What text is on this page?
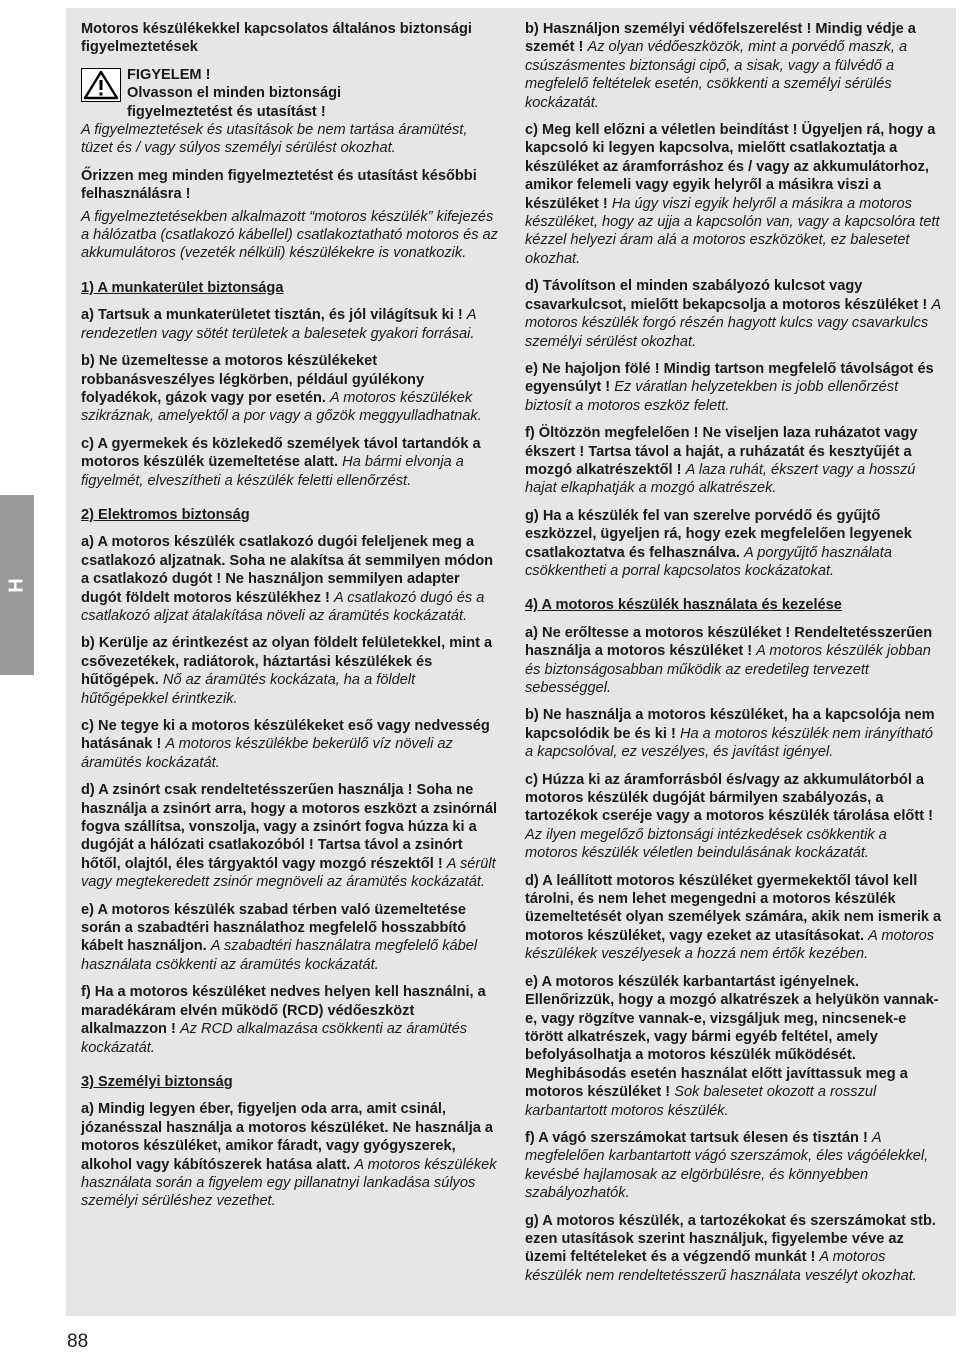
H

Motoros készülékekkel kapcsolatos általános biztonsági figyelmeztetések

FIGYELEM !
Olvasson el minden biztonsági
figyelmeztetést és utasítást !

A figyelmeztetések és utasítások be nem tartása áramütést, tüzet és / vagy súlyos személyi sérülést okozhat.

Őrizzen meg minden figyelmeztetést és utasítást későbbi felhasználásra !

A figyelmeztetésekben alkalmazott “motoros készülék” kifejezés a hálózatba (csatlakozó kábellel) csatlakoztatható motoros és az akkumulátoros (vezeték nélküli) készülékekre is vonatkozik.

1) A munkaterület biztonsága

a) Tartsuk a munkaterületet tisztán, és jól világítsuk ki ! A rendezetlen vagy sötét területek a balesetek gyakori forrásai.

b) Ne üzemeltesse a motoros készülékeket robbanásveszélyes légkörben, például gyúlékony folyadékok, gázok vagy por esetén. A motoros készülékek szikráznak, amelyektől a por vagy a gőzök meggyulladhatnak.

c) A gyermekek és közlekedő személyek távol tartandók a motoros készülék üzemeltetése alatt. Ha bármi elvonja a figyelmét, elveszítheti a készülék feletti ellenőrzést.

2) Elektromos biztonság

a) A motoros készülék csatlakozó dugói feleljenek meg a csatlakozó aljzatnak. Soha ne alakítsa át semmilyen módon a csatlakozó dugót ! Ne használjon semmilyen adapter dugót földelt motoros készülékhez ! A csatlakozó dugó és a csatlakozó aljzat átalakítása növeli az áramütés kockázatát.

b) Kerülje az érintkezést az olyan földelt felületekkel, mint a csővezetékek, radiátorok, háztartási készülékek és hűtőgépek. Nő az áramütés kockázata, ha a földelt hűtőgépekkel érintkezik.

c) Ne tegye ki a motoros készülékeket eső vagy nedvesség hatásának ! A motoros készülékbe bekerülő víz növeli az áramütés kockázatát.

d) A zsinórt csak rendeltetésszerűen használja ! Soha ne használja a zsinórt arra, hogy a motoros eszközt a zsinórnál fogva szállítsa, vonszolja, vagy a zsinórt fogva húzza ki a dugóját a hálózati csatlakozóból ! Tartsa távol a zsinórt hőtől, olajtól, éles tárgyaktól vagy mozgó részektől ! A sérült vagy megtekeredett zsinór megnöveli az áramütés kockázatát.

e) A motoros készülék szabad térben való üzemeltetése során a szabadtéri használathoz megfelelő hosszabbító kábelt használjon. A szabadtéri használatra megfelelő kábel használata csökkenti az áramütés kockázatát.

f) Ha a motoros készüléket nedves helyen kell használni, a maradékáram elvén működő (RCD) védőeszközt alkalmazzon ! Az RCD alkalmazása csökkenti az áramütés kockázatát.

3) Személyi biztonság

a) Mindig legyen éber, figyeljen oda arra, amit csinál, józanésszal használja a motoros készüléket. Ne használja a motoros készüléket, amikor fáradt, vagy gyógyszerek, alkohol vagy kábítószerek hatása alatt. A motoros készülékek használata során a figyelem egy pillanatnyi lankadása súlyos személyi sérüléshez vezethet.

b) Használjon személyi védőfelszerelést ! Mindig védje a szemét ! Az olyan védőeszközök, mint a porvédő maszk, a csúszásmentes biztonsági cipő, a sisak, vagy a fülvédő a megfelelő feltételek esetén, csökkenti a személyi sérülés kockázatát.

c) Meg kell előzni a véletlen beindítást ! Ügyeljen rá, hogy a kapcsoló ki legyen kapcsolva, mielőtt csatlakoztatja a készüléket az áramforráshoz és / vagy az akkumulátorhoz, amikor felemeli vagy egyik helyről a másikra viszi a készüléket ! Ha úgy viszi egyik helyről a másikra a motoros készüléket, hogy az ujja a kapcsolón van, vagy a kapcsolóra tett kézzel helyezi áram alá a motoros eszközöket, ez balesetet okozhat.

d) Távolítson el minden szabályozó kulcsot vagy csavarkulcsot, mielőtt bekapcsolja a motoros készüléket ! A motoros készülék forgó részén hagyott kulcs vagy csavarkulcs személyi sérülést okozhat.

e) Ne hajoljon fölé ! Mindig tartson megfelelő távolságot és egyensúlyt ! Ez váratlan helyzetekben is jobb ellenőrzést biztosít a motoros eszköz felett.

f) Öltözzön megfelelően ! Ne viseljen laza ruházatot vagy ékszert ! Tartsa távol a haját, a ruházatát és kesztyűjét a mozgó alkatrészektől ! A laza ruhát, ékszert vagy a hosszú hajat elkaphatják a mozgó alkatrészek.

g) Ha a készülék fel van szerelve porvédő és gyűjtő eszközzel, ügyeljen rá, hogy ezek megfelelően legyenek csatlakoztatva és felhasználva. A porgyűjtő használata csökkentheti a porral kapcsolatos kockázatokat.

4) A motoros készülék használata és kezelése

a) Ne erőltesse a motoros készüléket ! Rendeltetésszerűen használja a motoros készüléket ! A motoros készülék jobban és biztonságosabban működik az eredetileg tervezett sebességgel.

b) Ne használja a motoros készüléket, ha a kapcsolója nem kapcsolódik be és ki ! Ha a motoros készülék nem irányítható a kapcsolóval, ez veszélyes, és javítást igényel.

c) Húzza ki az áramforrásból és/vagy az akkumulátorból a motoros készülék dugóját bármilyen szabályozás, a tartozékok cseréje vagy a motoros készülék tárolása előtt ! Az ilyen megelőző biztonsági intézkedések csökkentik a motoros készülék véletlen beindulásának kockázatát.

d) A leállított motoros készüléket gyermekektől távol kell tárolni, és nem lehet megengedni a motoros készülék üzemeltetését olyan személyek számára, akik nem ismerik a motoros készüléket, vagy ezeket az utasításokat. A motoros készülékek veszélyesek a hozzá nem értők kezében.

e) A motoros készülék karbantartást igényelnek. Ellenőrizzük, hogy a mozgó alkatrészek a helyükön vannak-e, vagy rögzítve vannak-e, vizsgáljuk meg, nincsenek-e törött alkatrészek, vagy bármi egyéb feltétel, amely befolyásolhatja a motoros készülék működését. Meghibásodás esetén használat előtt javíttassuk meg a motoros készüléket ! Sok balesetet okozott a rosszul karbantartott motoros készülék.

f) A vágó szerszámokat tartsuk élesen és tisztán ! A megfelelően karbantartott vágó szerszámok, éles vágóélekkel, kevésbé hajlamosak az elgörbülésre, és könnyebben szabályozhatók.

g) A motoros készülék, a tartozékokat és szerszámokat stb. ezen utasítások szerint használjuk, figyelembe véve az üzemi feltételeket és a végzendő munkát ! A motoros készülék nem rendeltetésszerű használata veszélyt okozhat.

88
